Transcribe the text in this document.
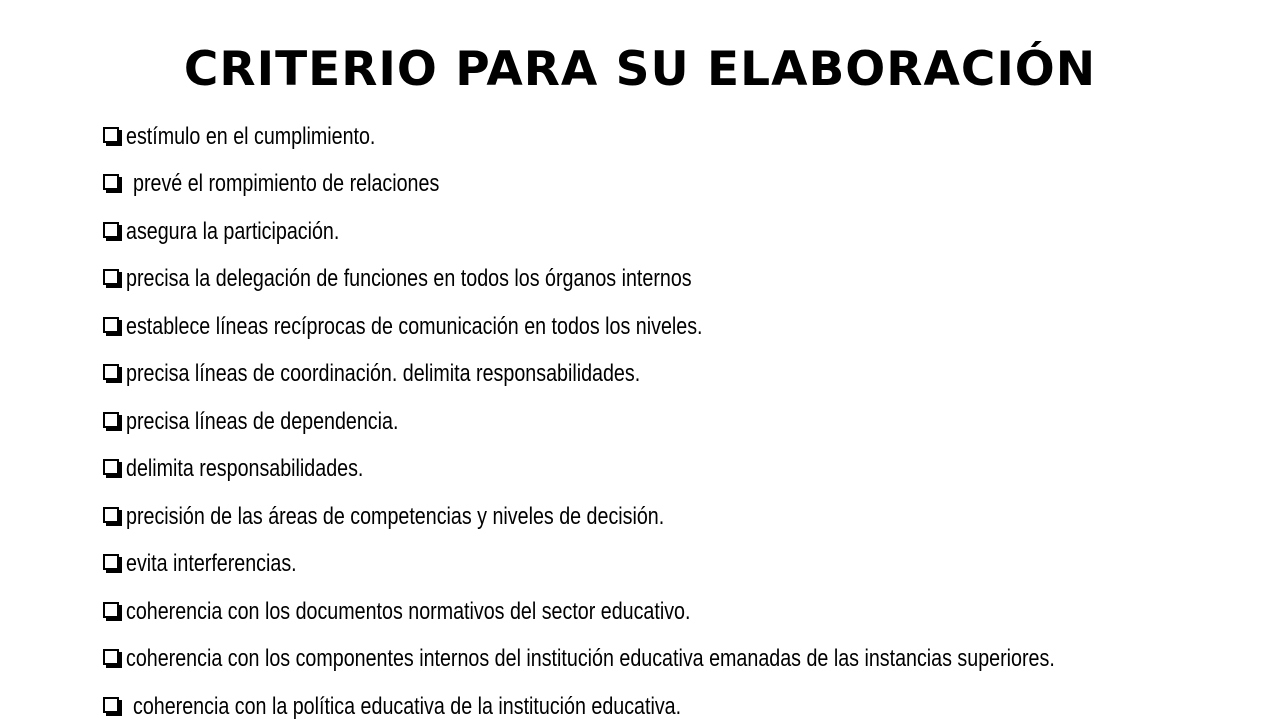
CRITERIO PARA SU ELABORACIÓN
estímulo en el cumplimiento.
prevé el rompimiento de relaciones
asegura la participación.
precisa la delegación de funciones en todos los órganos internos
establece líneas recíprocas de comunicación en todos los niveles.
precisa líneas de coordinación. delimita responsabilidades.
precisa líneas de dependencia.
delimita responsabilidades.
precisión de las áreas de competencias y niveles de decisión.
evita interferencias.
coherencia con los documentos normativos del sector educativo.
coherencia con los componentes internos del institución educativa emanadas de las instancias superiores.
coherencia con la política educativa de la institución educativa.
